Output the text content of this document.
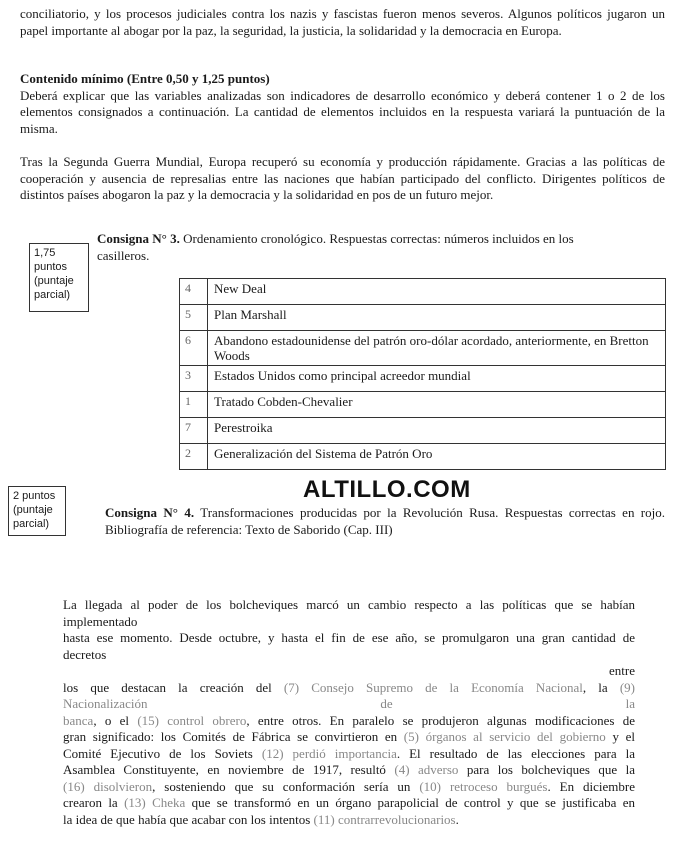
conciliatorio, y los procesos judiciales contra los nazis y fascistas fueron menos severos. Algunos políticos jugaron un papel importante al abogar por la paz, la seguridad, la justicia, la solidaridad y la democracia en Europa.
Contenido mínimo (Entre 0,50 y 1,25 puntos)
Deberá explicar que las variables analizadas son indicadores de desarrollo económico y deberá contener 1 o 2 de los elementos consignados a continuación. La cantidad de elementos incluidos en la respuesta variará la puntuación de la misma.
Tras la Segunda Guerra Mundial, Europa recuperó su economía y producción rápidamente. Gracias a las políticas de cooperación y ausencia de represalias entre las naciones que habían participado del conflicto. Dirigentes políticos de distintos países abogaron la paz y la democracia y la solidaridad en pos de un futuro mejor.
1,75
puntos
(puntaje
parcial)
Consigna N° 3. Ordenamiento cronológico. Respuestas correctas: números incluidos en los casilleros.
4	New Deal
5	Plan Marshall
6	Abandono estadounidense del patrón oro-dólar acordado, anteriormente, en Bretton Woods
3	Estados Unidos como principal acreedor mundial
1	Tratado Cobden-Chevalier
7	Perestroika
2	Generalización del Sistema de Patrón Oro
ALTILLO.COM
2 puntos
(puntaje
parcial)
Consigna N° 4. Transformaciones producidas por la Revolución Rusa. Respuestas correctas en rojo. Bibliografía de referencia: Texto de Saborido (Cap. III)
La llegada al poder de los bolcheviques marcó un cambio respecto a las políticas que se habían
implementado
hasta ese momento. Desde octubre, y hasta el fin de ese año, se promulgaron una gran cantidad de
decretos
entre
los que destacan la creación del (7) Consejo Supremo de la Economía Nacional, la (9)
Nacionalización	de	la
banca, o el (15) control obrero, entre otros. En paralelo se produjeron algunas modificaciones de
gran significado: los Comités de Fábrica se convirtieron en (5) órganos al servicio del gobierno y el
Comité Ejecutivo de los Soviets (12) perdió importancia. El resultado de las elecciones para la
Asamblea Constituyente, en noviembre de 1917, resultó (4) adverso para los bolcheviques que la
(16) disolvieron, sosteniendo que su conformación sería un (10) retroceso burgués. En diciembre
crearon la (13) Cheka que se transformó en un órgano parapolicial de control y que se justificaba en
la idea de que había que acabar con los intentos (11) contrarrevolucionarios.
